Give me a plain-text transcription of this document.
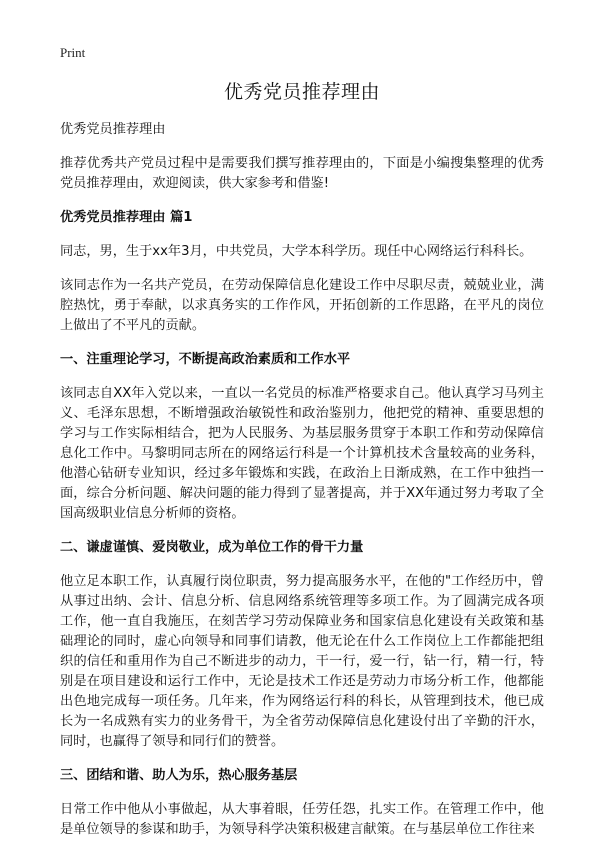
Print
优秀党员推荐理由
优秀党员推荐理由
推荐优秀共产党员过程中是需要我们撰写推荐理由的，下面是小编搜集整理的优秀党员推荐理由，欢迎阅读，供大家参考和借鉴!
优秀党员推荐理由 篇1
同志，男，生于xx年3月，中共党员，大学本科学历。现任中心网络运行科科长。
该同志作为一名共产党员，在劳动保障信息化建设工作中尽职尽责，兢兢业业，满腔热忱，勇于奉献，以求真务实的工作作风，开拓创新的工作思路，在平凡的岗位上做出了不平凡的贡献。
一、注重理论学习，不断提高政治素质和工作水平
该同志自XX年入党以来，一直以一名党员的标准严格要求自己。他认真学习马列主义、毛泽东思想，不断增强政治敏锐性和政治鉴别力，他把党的精神、重要思想的学习与工作实际相结合，把为人民服务、为基层服务贯穿于本职工作和劳动保障信息化工作中。马黎明同志所在的网络运行科是一个计算机技术含量较高的业务科，他潜心钻研专业知识，经过多年锻炼和实践，在政治上日渐成熟，在工作中独挡一面，综合分析问题、解决问题的能力得到了显著提高，并于XX年通过努力考取了全国高级职业信息分析师的资格。
二、谦虚谨慎、爱岗敬业，成为单位工作的骨干力量
他立足本职工作，认真履行岗位职责，努力提高服务水平，在他的"工作经历中，曾从事过出纳、会计、信息分析、信息网络系统管理等多项工作。为了圆满完成各项工作，他一直自我施压，在刻苦学习劳动保障业务和国家信息化建设有关政策和基础理论的同时，虚心向领导和同事们请教，他无论在什么工作岗位上工作都能把组织的信任和重用作为自己不断进步的动力，干一行，爱一行，钻一行，精一行，特别是在项目建设和运行工作中，无论是技术工作还是劳动力市场分析工作，他都能出色地完成每一项任务。几年来，作为网络运行科的科长，从管理到技术，他已成长为一名成熟有实力的业务骨干，为全省劳动保障信息化建设付出了辛勤的汗水，同时，也赢得了领导和同行们的赞誉。
三、团结和谐、助人为乐，热心服务基层
日常工作中他从小事做起，从大事着眼，任劳任怨，扎实工作。在管理工作中，他是单位领导的参谋和助手，为领导科学决策积极建言献策。在与基层单位工作往来
